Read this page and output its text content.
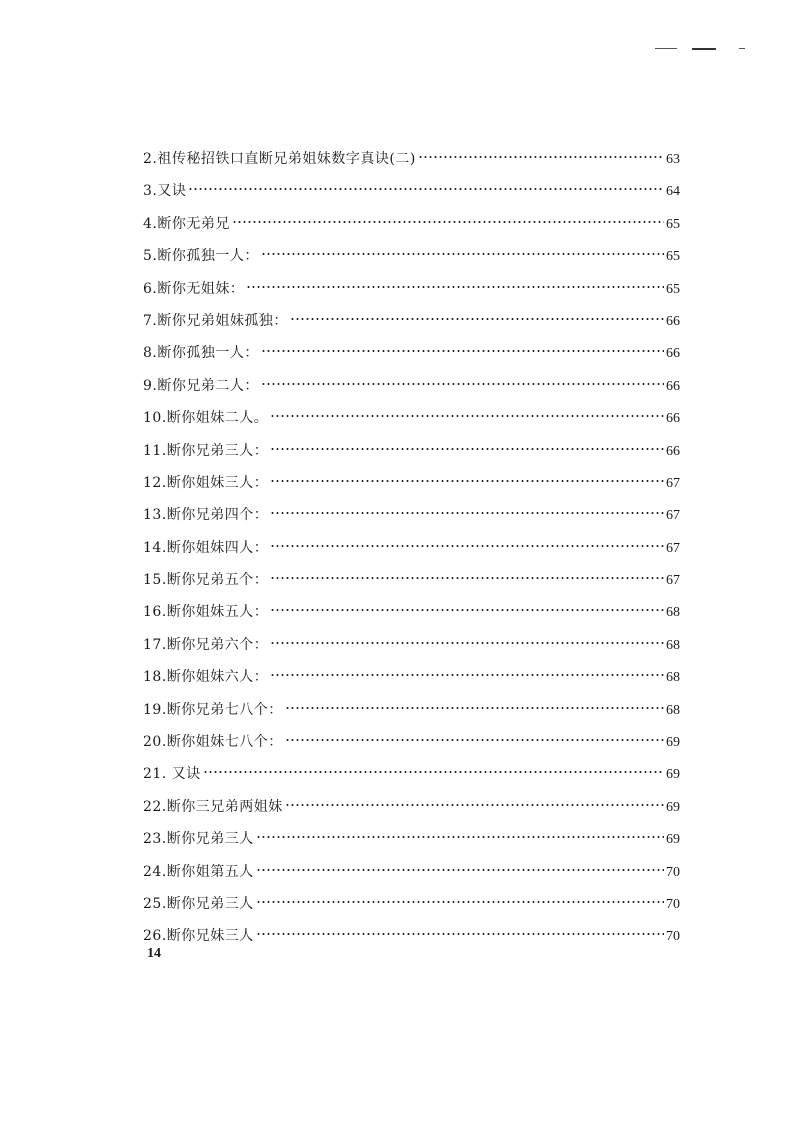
2.祖传秘招铁口直断兄弟姐妹数字真诀(二)	63
3.又诀	64
4.断你无弟兄	65
5.断你孤独一人：	65
6.断你无姐妹：	65
7.断你兄弟姐妹孤独：	66
8.断你孤独一人：	66
9.断你兄弟二人：	66
10.断你姐妹二人。	66
11.断你兄弟三人：	66
12.断你姐妹三人：	67
13.断你兄弟四个：	67
14.断你姐妹四人：	67
15.断你兄弟五个：	67
16.断你姐妹五人：	68
17.断你兄弟六个：	68
18.断你姐妹六人：	68
19.断你兄弟七八个：	68
20.断你姐妹七八个：	69
21. 又诀	69
22.断你三兄弟两姐妹	69
23.断你兄弟三人	69
24.断你姐第五人	70
25.断你兄弟三人	70
26.断你兄妹三人	70
14
